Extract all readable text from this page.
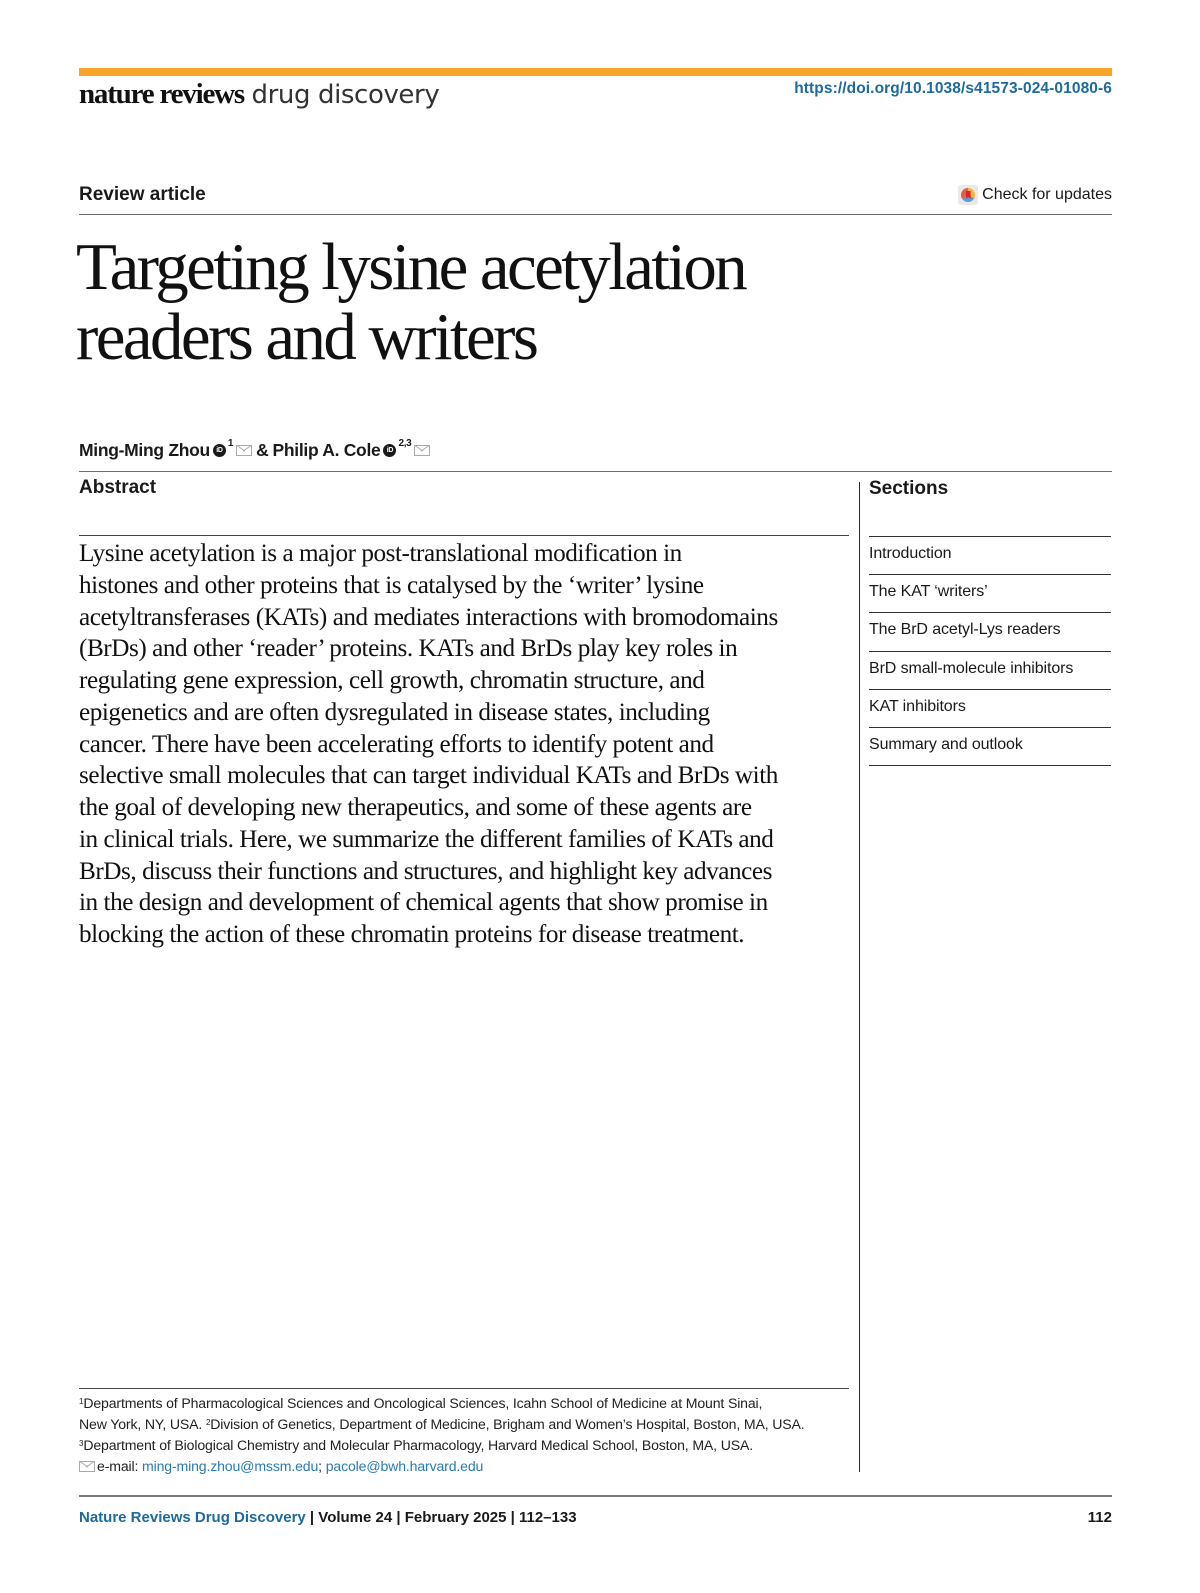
nature reviews drug discovery	https://doi.org/10.1038/s41573-024-01080-6
Review article	Check for updates
Targeting lysine acetylation
readers and writers
Ming-Ming Zhou iD
1 & Philip A. Cole iD
2,3
Abstract
Lysine acetylation is a major post-translational modification in
histones and other proteins that is catalysed by the ‘writer’ lysine
acetyltransferases (KATs) and mediates interactions with bromodomains
(BrDs) and other ‘reader’ proteins. KATs and BrDs play key roles in
regulating gene expression, cell growth, chromatin structure, and
epigenetics and are often dysregulated in disease states, including
cancer. There have been accelerating efforts to identify potent and
selective small molecules that can target individual KATs and BrDs with
the goal of developing new therapeutics, and some of these agents are
in clinical trials. Here, we summarize the different families of KATs and
BrDs, discuss their functions and structures, and highlight key advances
in the design and development of chemical agents that show promise in
blocking the action of these chromatin proteins for disease treatment.
Sections
Introduction
The KAT ‘writers’
The BrD acetyl-Lys readers
BrD small-molecule inhibitors
KAT inhibitors
Summary and outlook
$^1$Departments of Pharmacological Sciences and Oncological Sciences, Icahn School of Medicine at Mount Sinai,
New York, NY, USA. $^2$Division of Genetics, Department of Medicine, Brigham and Women’s Hospital, Boston, MA, USA.
$^3$Department of Biological Chemistry and Molecular Pharmacology, Harvard Medical School, Boston, MA, USA.
e-mail: ming-ming.zhou@mssm.edu ; pacole@bwh.harvard.edu
Nature Reviews Drug Discovery | Volume 24 | February 2025 | 112–133	112
